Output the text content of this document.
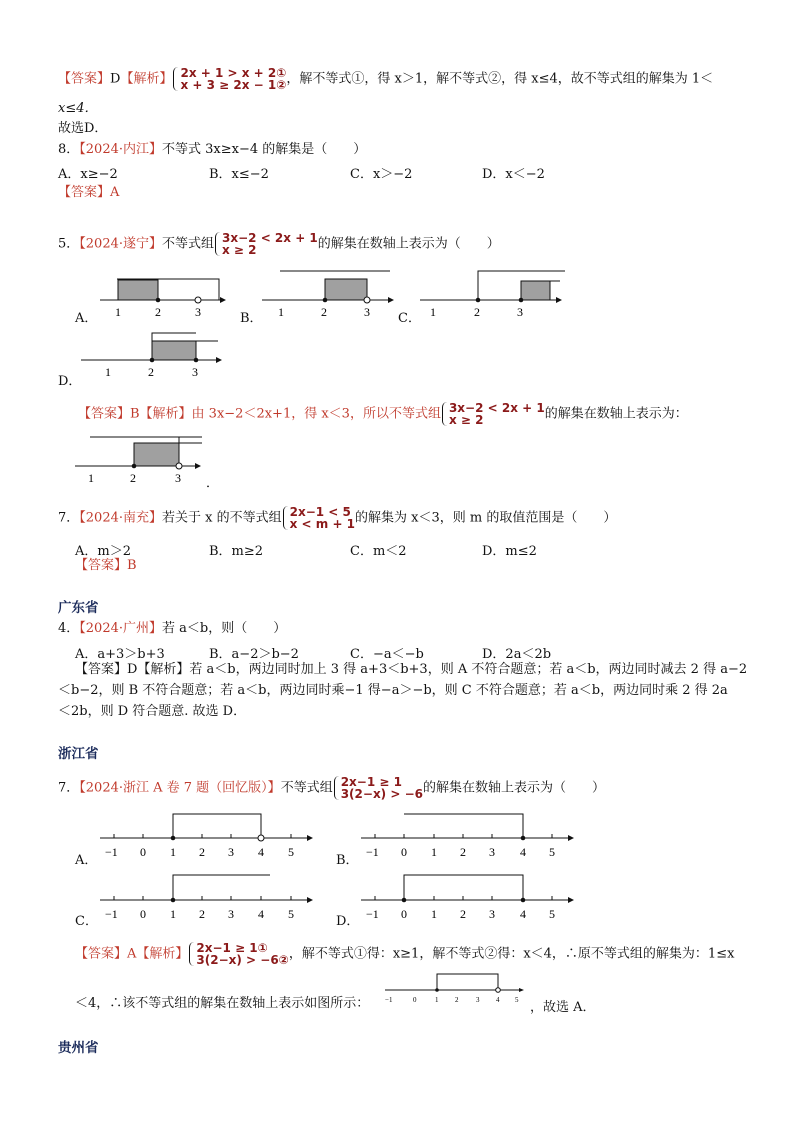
【答案】D【解析】 2x + 1 > x + 2①
x + 3 ≥ 2x − 1② ，解不等式①，得 x＞1，解不等式②，得 x≤4，故不等式组的解集为 1＜
x≤4．
故选D．
8．【2024·内江】不等式 3x≥x−4 的解集是（　　）
A．x≥−2	B．x≤−2	C．x＞−2	D．x＜−2
【答案】A
5．【2024·遂宁】不等式组 3x−2 < 2x + 1
x ≥ 2	的解集在数轴上表示为（　　）
A． 1	2	3	B． 1	2	3 C． 1	2	3
D．
1	2	3
【答案】B【解析】由 3x−2＜2x+1，得 x＜3，所以不等式组 3x−2 < 2x + 1
x ≥ 2	的解集在数轴上表示为：
1	2	3 ．
7．【2024·南充】若关于 x 的不等式组 2x−1 < 5
x < m + 1 的解集为 x＜3，则 m 的取值范围是（　　）
A．m＞2	B．m≥2	C．m＜2	D．m≤2
【答案】B
广东省
4．【2024·广州】若 a＜b，则（　　）
A．a+3＞b+3	B．a−2＞b−2	C．−a＜−b	D．2a＜2b
【答案】D【解析】若 a＜b，两边同时加上 3 得 a+3＜b+3，则 A 不符合题意；若 a＜b，两边同时减去 2 得 a−2
＜b−2，则 B 不符合题意；若 a＜b，两边同时乘−1 得−a＞−b，则 C 不符合题意；若 a＜b，两边同时乘 2 得 2a
＜2b，则 D 符合题意. 故选 D．
浙江省
7．【2024·浙江 A 卷 7 题（回忆版）】不等式组 2x−1 ≥ 1
3(2−x) > −6 的解集在数轴上表示为（　　）
A．
−1 0 1 2 3 4 5
B．
−1 0 1 2 3 4 5
C． −1 0 1 2 3 4 5	D． −1 0 1 2 3 4 5
【答案】A【解析】 2x−1 ≥ 1①
3(2−x) > −6② ，解不等式①得：x≥1，解不等式②得：x＜4，∴原不等式组的解集为：1≤x
＜4，∴该不等式组的解集在数轴上表示如图所示： −1	0	1 2	3 4 5 ，故选 A．
贵州省
